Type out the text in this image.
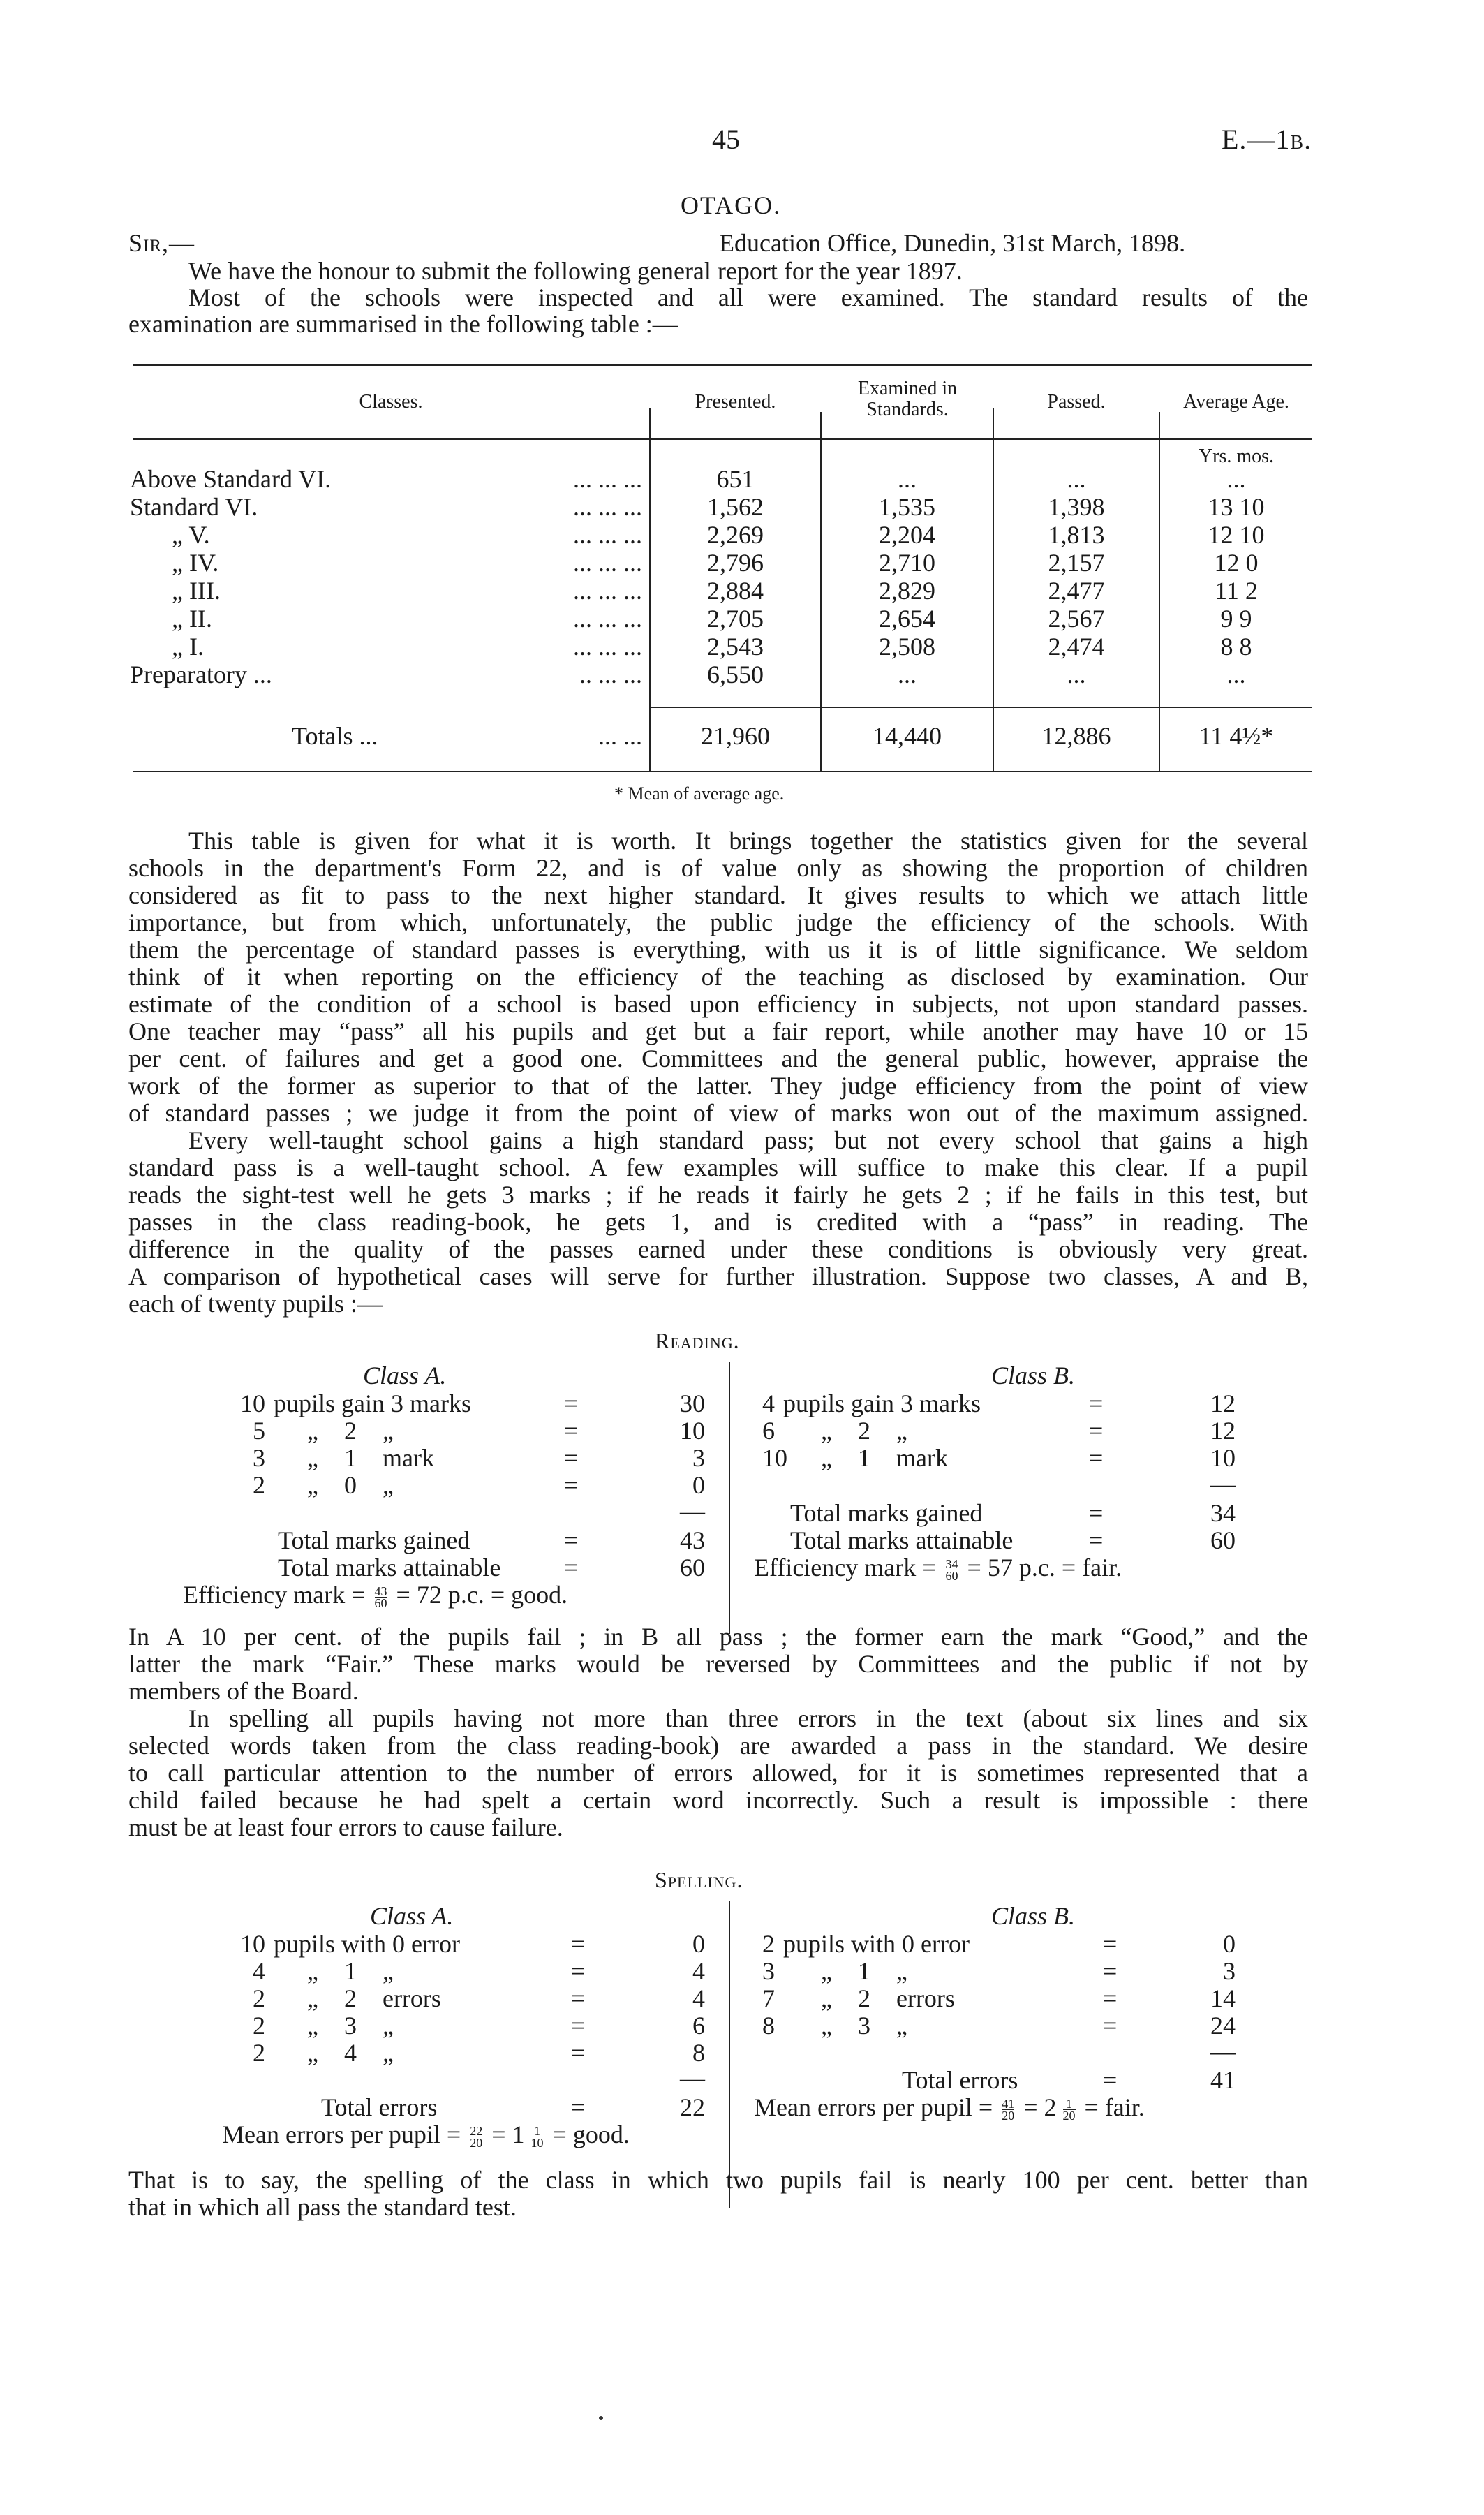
45	E.—1b.
OTAGO.
Sir,—	Education Office, Dunedin, 31st March, 1898.
We have the honour to submit the following general report for the year 1897.
Most of the schools were inspected and all were examined. The standard results of the
examination are summarised in the following table :—
Classes.	Presented.
Examined in Standards.	Passed.	Average Age.
Yrs. mos.
Above Standard VI.	... ... ...	651	...	...	...
Standard VI.	... ... ...	1,562	1,535	1,398	13 10
„ V.	... ... ...	2,269	2,204	1,813	12 10
„ IV.	... ... ...	2,796	2,710	2,157	12 0
„ III.	... ... ...	2,884	2,829	2,477	11 2
„ II.	... ... ...	2,705	2,654	2,567	9 9
„ I.	... ... ...	2,543	2,508	2,474	8 8
Preparatory ...	.. ... ...	6,550	...	...	...
Totals ...	... ...	21,960	14,440	12,886	11 4½*
* Mean of average age.
This table is given for what it is worth. It brings together the statistics given for the several
schools in the department's Form 22, and is of value only as showing the proportion of children
considered as fit to pass to the next higher standard. It gives results to which we attach little
importance, but from which, unfortunately, the public judge the efficiency of the schools. With
them the percentage of standard passes is everything, with us it is of little significance. We seldom
think of it when reporting on the efficiency of the teaching as disclosed by examination. Our
estimate of the condition of a school is based upon efficiency in subjects, not upon standard passes.
One teacher may “pass” all his pupils and get but a fair report, while another may have 10 or 15
per cent. of failures and get a good one. Committees and the general public, however, appraise the
work of the former as superior to that of the latter. They judge efficiency from the point of view
of standard passes ; we judge it from the point of view of marks won out of the maximum assigned.
Every well-taught school gains a high standard pass; but not every school that gains a high
standard pass is a well-taught school. A few examples will suffice to make this clear. If a pupil
reads the sight-test well he gets 3 marks ; if he reads it fairly he gets 2 ; if he fails in this test, but
passes in the class reading-book, he gets 1, and is credited with a “pass” in reading. The
difference in the quality of the passes earned under these conditions is obviously very great.
A comparison of hypothetical cases will serve for further illustration. Suppose two classes, A and B,
each of twenty pupils :—
Reading.
Class A.
10 pupils gain 3 marks	=	30
5 „ 2 „	=	10
3 „ 1 mark	=	3
2 „ 0 „	=	0
—
Total marks gained	=	43
Total marks attainable	=	60
Efficiency mark = $\frac{43}{60} = 72$ p.c. = good.
Class B.
4 pupils gain 3 marks	=	12
6 „ 2 „	=	12
10 „ 1 mark	=	10
—
Total marks gained	=	34
Total marks attainable	=	60
Efficiency mark = $\frac{34}{60} = 57$ p.c. = fair.
In A 10 per cent. of the pupils fail ; in B all pass ; the former earn the mark “Good,” and the
latter the mark “Fair.” These marks would be reversed by Committees and the public if not by
members of the Board.
In spelling all pupils having not more than three errors in the text (about six lines and six
selected words taken from the class reading-book) are awarded a pass in the standard. We desire
to call particular attention to the number of errors allowed, for it is sometimes represented that a
child failed because he had spelt a certain word incorrectly. Such a result is impossible : there
must be at least four errors to cause failure.
Spelling.
Class A.
10 pupils with 0 error	=	0
4 „ 1 „	=	4
2 „ 2 errors	=	4
2 „ 3 „	=	6
2 „ 4 „	=	8
—
Total errors	=	22
Mean errors per pupil = $\frac{22}{20} = 1 \frac{1}{10}$ = good.
Class B.
2 pupils with 0 error	=	0
3 „ 1 „	=	3
7 „ 2 errors	=	14
8 „ 3 „	=	24
—
Total errors	=	41
Mean errors per pupil = $\frac{41}{20} = 2 \frac{1}{20}$ = fair.
That is to say, the spelling of the class in which two pupils fail is nearly 100 per cent. better than
that in which all pass the standard test.
